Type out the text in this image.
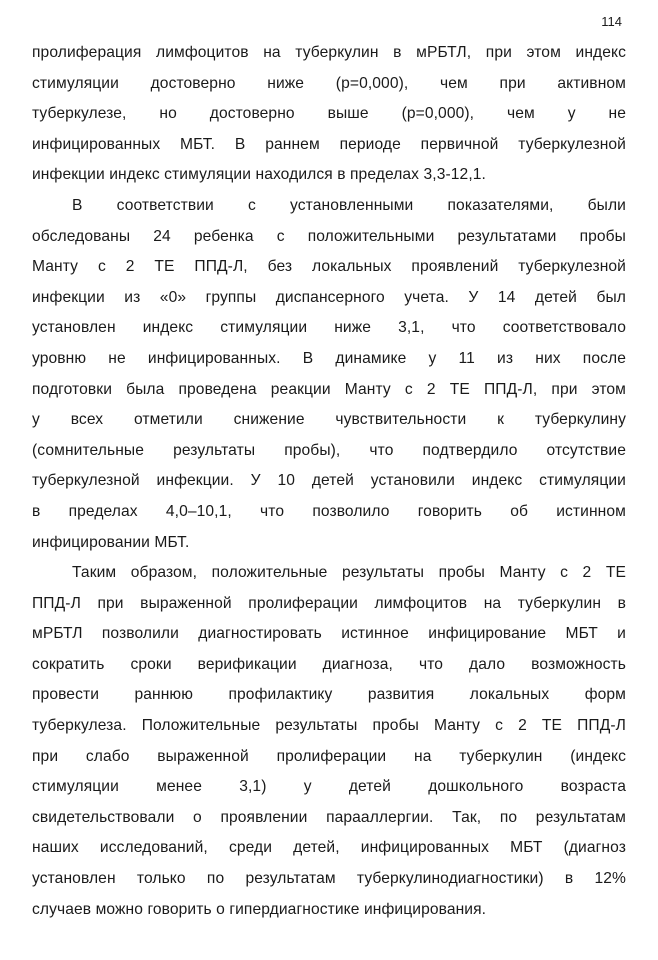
114
пролиферация лимфоцитов на туберкулин в мРБТЛ, при этом индекс
стимуляции достоверно ниже (р=0,000), чем при активном
туберкулезе, но достоверно выше (р=0,000), чем у не
инфицированных МБТ. В раннем периоде первичной туберкулезной
инфекции индекс стимуляции находился в пределах 3,3-12,1.
В соответствии с установленными показателями, были
обследованы 24 ребенка с положительными результатами пробы
Манту с 2 ТЕ ППД-Л, без локальных проявлений туберкулезной
инфекции из «0» группы диспансерного учета. У 14 детей был
установлен индекс стимуляции ниже 3,1, что соответствовало
уровню не инфицированных. В динамике у 11 из них после
подготовки была проведена реакции Манту с 2 ТЕ ППД-Л, при этом
у всех отметили снижение чувствительности к туберкулину
(сомнительные результаты пробы), что подтвердило отсутствие
туберкулезной инфекции. У 10 детей установили индекс стимуляции
в пределах 4,0–10,1, что позволило говорить об истинном
инфицировании МБТ.
Таким образом, положительные результаты пробы Манту с 2 ТЕ
ППД-Л при выраженной пролиферации лимфоцитов на туберкулин в
мРБТЛ позволили диагностировать истинное инфицирование МБТ и
сократить сроки верификации диагноза, что дало возможность
провести раннюю профилактику развития локальных форм
туберкулеза. Положительные результаты пробы Манту с 2 ТЕ ППД-Л
при слабо выраженной пролиферации на туберкулин (индекс
стимуляции менее 3,1) у детей дошкольного возраста
свидетельствовали о проявлении парааллергии. Так, по результатам
наших исследований, среди детей, инфицированных МБТ (диагноз
установлен только по результатам туберкулинодиагностики) в 12%
случаев можно говорить о гипердиагностике инфицирования.
